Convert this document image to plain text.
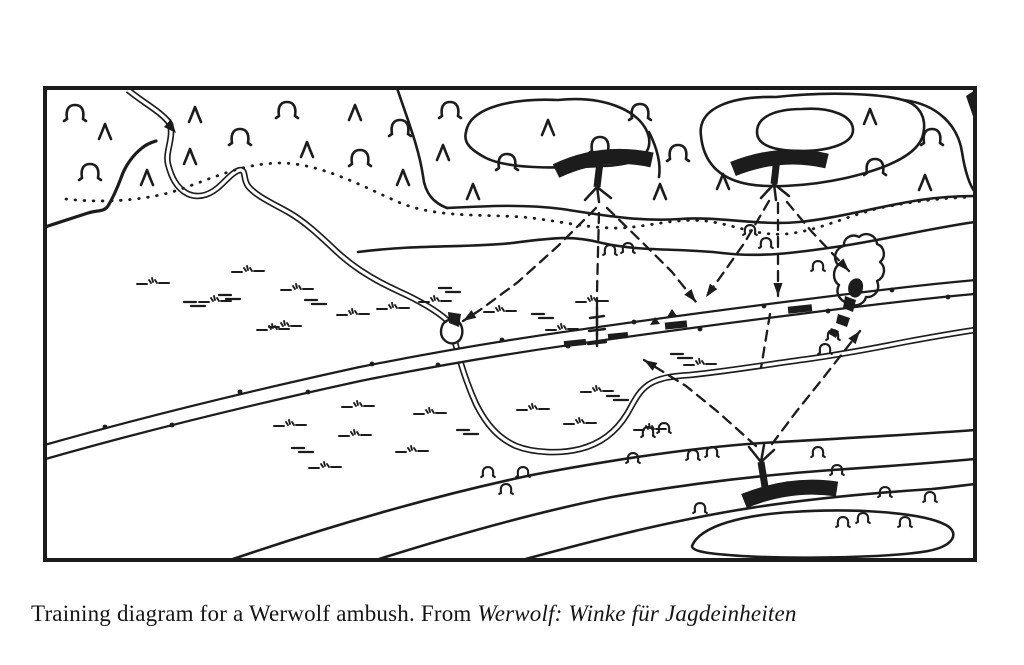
Training diagram for a Werwolf ambush. From Werwolf: Winke für Jagdeinheiten
